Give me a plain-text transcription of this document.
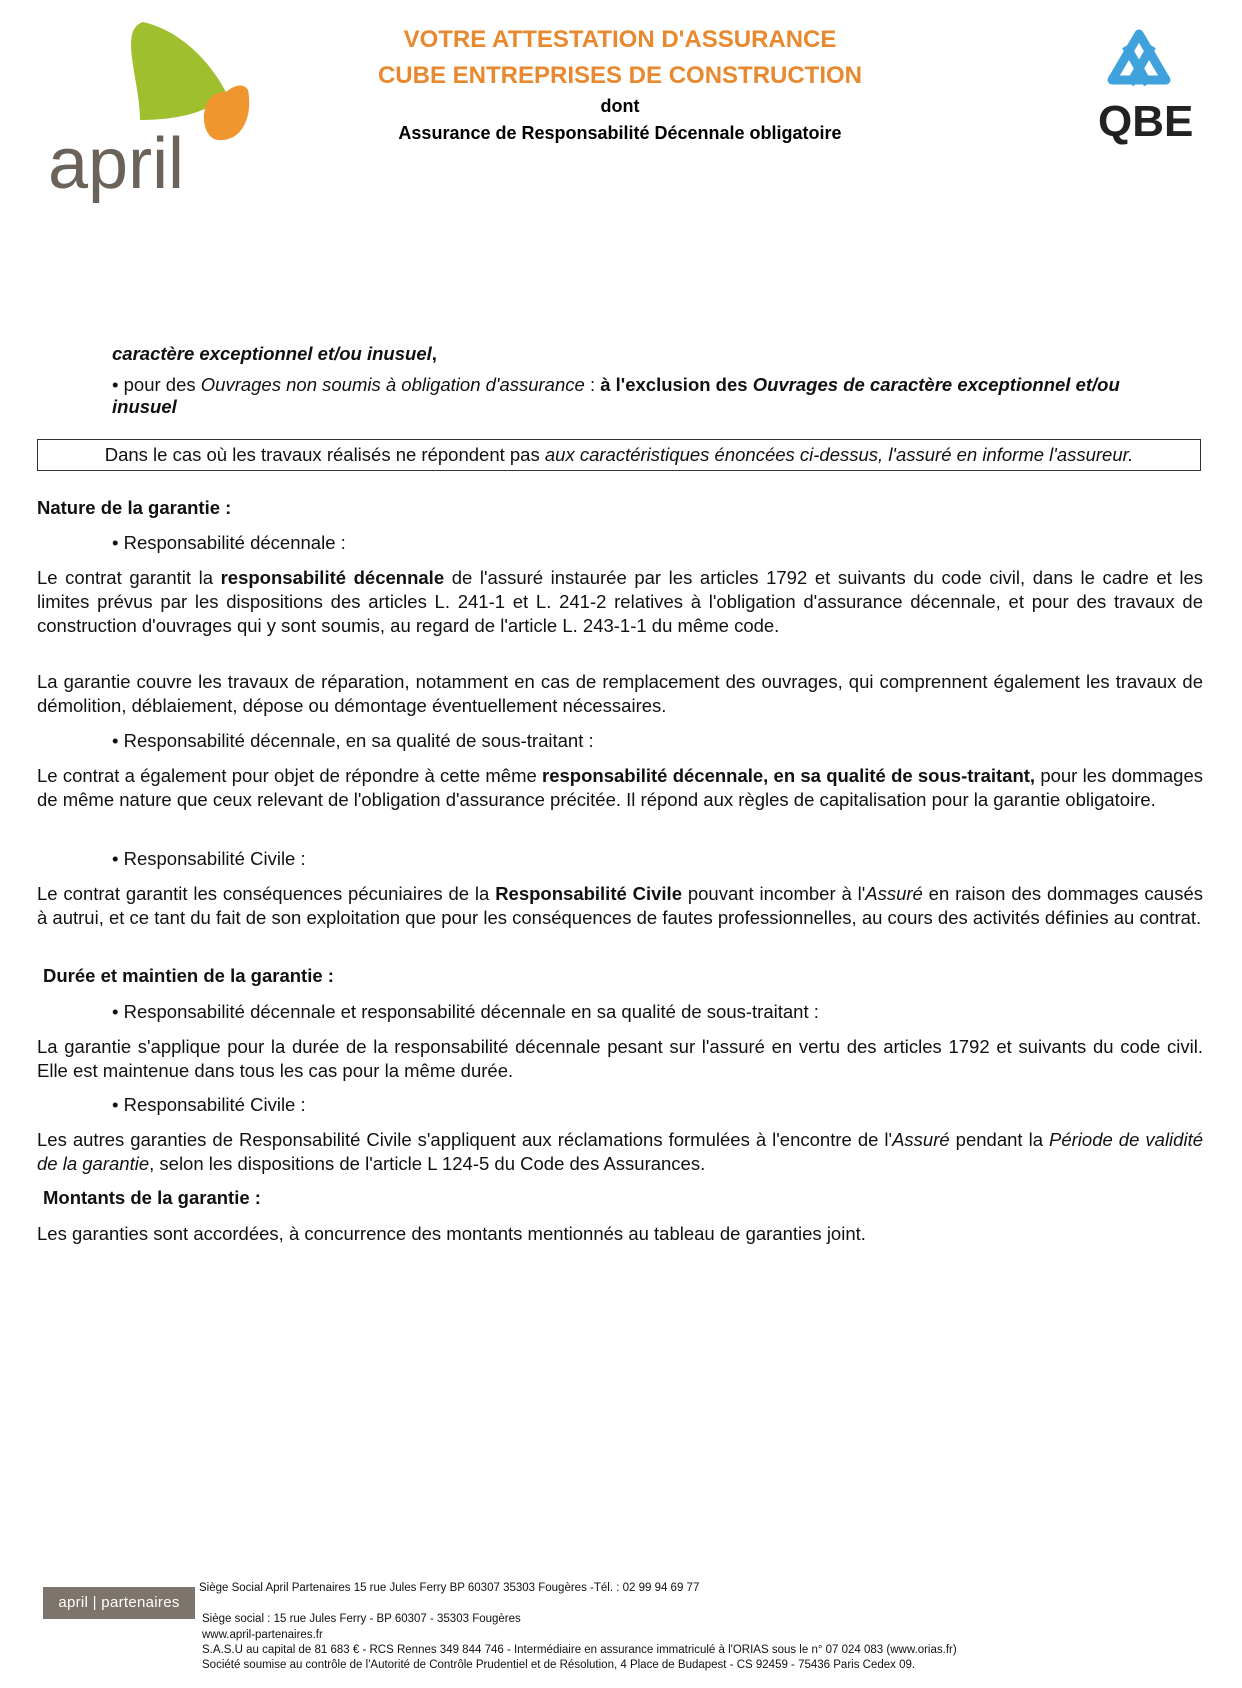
april
VOTRE ATTESTATION D'ASSURANCE
CUBE ENTREPRISES DE CONSTRUCTION
dont
Assurance de Responsabilité Décennale obligatoire	QBE
caractère exceptionnel et/ou inusuel,
• pour des Ouvrages non soumis à obligation d'assurance : à l'exclusion des Ouvrages de caractère exceptionnel et/ou inusuel
Dans le cas où les travaux réalisés ne répondent pas aux caractéristiques énoncées ci-dessus, l'assuré en informe l'assureur.
Nature de la garantie :
• Responsabilité décennale :
Le contrat garantit la responsabilité décennale de l'assuré instaurée par les articles 1792 et suivants du code civil, dans le cadre et les limites prévus par les dispositions des articles L. 241-1 et L. 241-2 relatives à l'obligation d'assurance décennale, et pour des travaux de construction d'ouvrages qui y sont soumis, au regard de l'article L. 243-1-1 du même code.
La garantie couvre les travaux de réparation, notamment en cas de remplacement des ouvrages, qui comprennent également les travaux de démolition, déblaiement, dépose ou démontage éventuellement nécessaires.
• Responsabilité décennale, en sa qualité de sous-traitant :
Le contrat a également pour objet de répondre à cette même responsabilité décennale, en sa qualité de sous-traitant, pour les dommages de même nature que ceux relevant de l'obligation d'assurance précitée. Il répond aux règles de capitalisation pour la garantie obligatoire.
• Responsabilité Civile :
Le contrat garantit les conséquences pécuniaires de la Responsabilité Civile pouvant incomber à l'Assuré en raison des dommages causés à autrui, et ce tant du fait de son exploitation que pour les conséquences de fautes professionnelles, au cours des activités définies au contrat.
Durée et maintien de la garantie :
• Responsabilité décennale et responsabilité décennale en sa qualité de sous-traitant :
La garantie s'applique pour la durée de la responsabilité décennale pesant sur l'assuré en vertu des articles 1792 et suivants du code civil. Elle est maintenue dans tous les cas pour la même durée.
• Responsabilité Civile :
Les autres garanties de Responsabilité Civile s'appliquent aux réclamations formulées à l'encontre de l'Assuré pendant la Période de validité de la garantie, selon les dispositions de l'article L 124-5 du Code des Assurances.
Montants de la garantie :
Les garanties sont accordées, à concurrence des montants mentionnés au tableau de garanties joint.
april | partenaires
Siège Social April Partenaires 15 rue Jules Ferry BP 60307 35303 Fougères -Tél. : 02 99 94 69 77
Siège social : 15 rue Jules Ferry - BP 60307 - 35303 Fougères
www.april-partenaires.fr
S.A.S.U au capital de 81 683 € - RCS Rennes 349 844 746 - Intermédiaire en assurance immatriculé à l'ORIAS sous le n° 07 024 083 (www.orias.fr)
Société soumise au contrôle de l'Autorité de Contrôle Prudentiel et de Résolution, 4 Place de Budapest - CS 92459 - 75436 Paris Cedex 09.
